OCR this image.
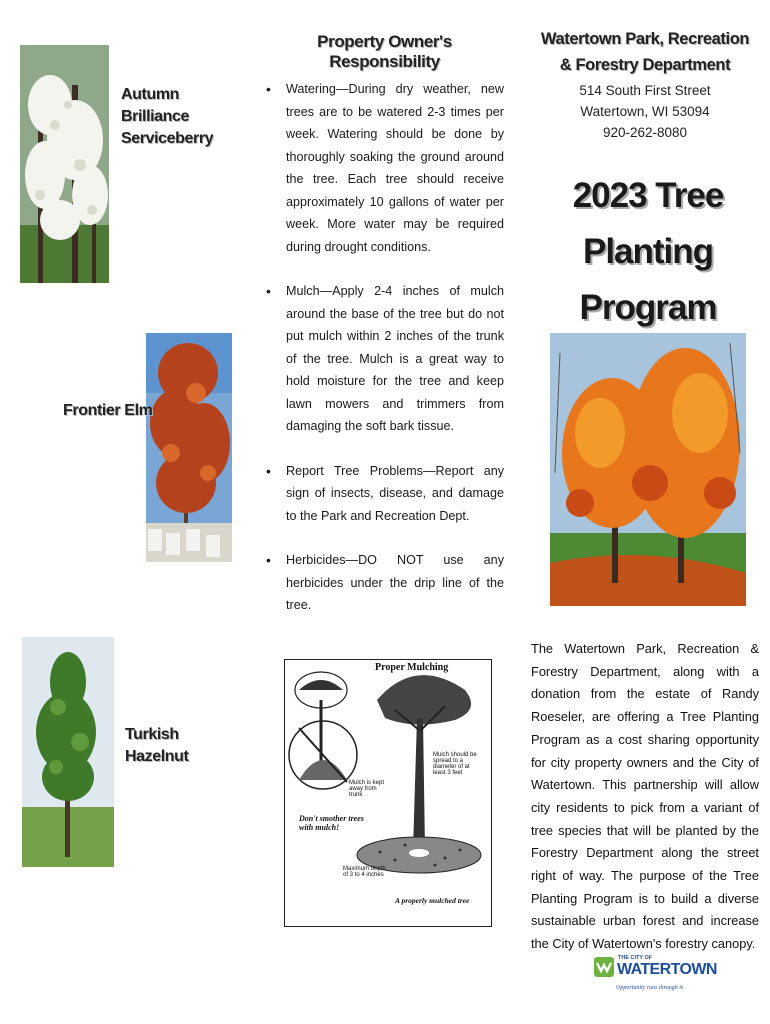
Autumn Brilliance Serviceberry
Frontier Elm
Turkish Hazelnut
Property Owner's Responsibility
• Watering—During dry weather, new trees are to be watered 2-3 times per week. Watering should be done by thoroughly soaking the ground around the tree. Each tree should receive approximately 10 gallons of water per week. More water may be required during drought conditions.
• Mulch—Apply 2-4 inches of mulch around the base of the tree but do not put mulch within 2 inches of the trunk of the tree. Mulch is a great way to hold moisture for the tree and keep lawn mowers and trimmers from damaging the soft bark tissue.
• Report Tree Problems—Report any sign of insects, disease, and damage to the Park and Recreation Dept.
• Herbicides—DO NOT use any herbicides under the drip line of the tree.
Proper Mulching
Mulch is kept away from trunk
Mulch should be spread to a diameter of at least 3 feet
Don't smother trees with mulch!
Maximum depth of 3 to 4 inches
A properly mulched tree
Watertown Park, Recreation & Forestry Department
514 South First Street
Watertown, WI 53094
920-262-8080
2023 Tree Planting Program
The Watertown Park, Recreation & Forestry Department, along with a donation from the estate of Randy Roeseler, are offering a Tree Planting Program as a cost sharing opportunity for city property owners and the City of Watertown. This partnership will allow city residents to pick from a variant of tree species that will be planted by the Forestry Department along the street right of way. The purpose of the Tree Planting Program is to build a diverse sustainable urban forest and increase the City of Watertown's forestry canopy.
THE CITY OF
WATERTOWN
Opportunity runs through it.
